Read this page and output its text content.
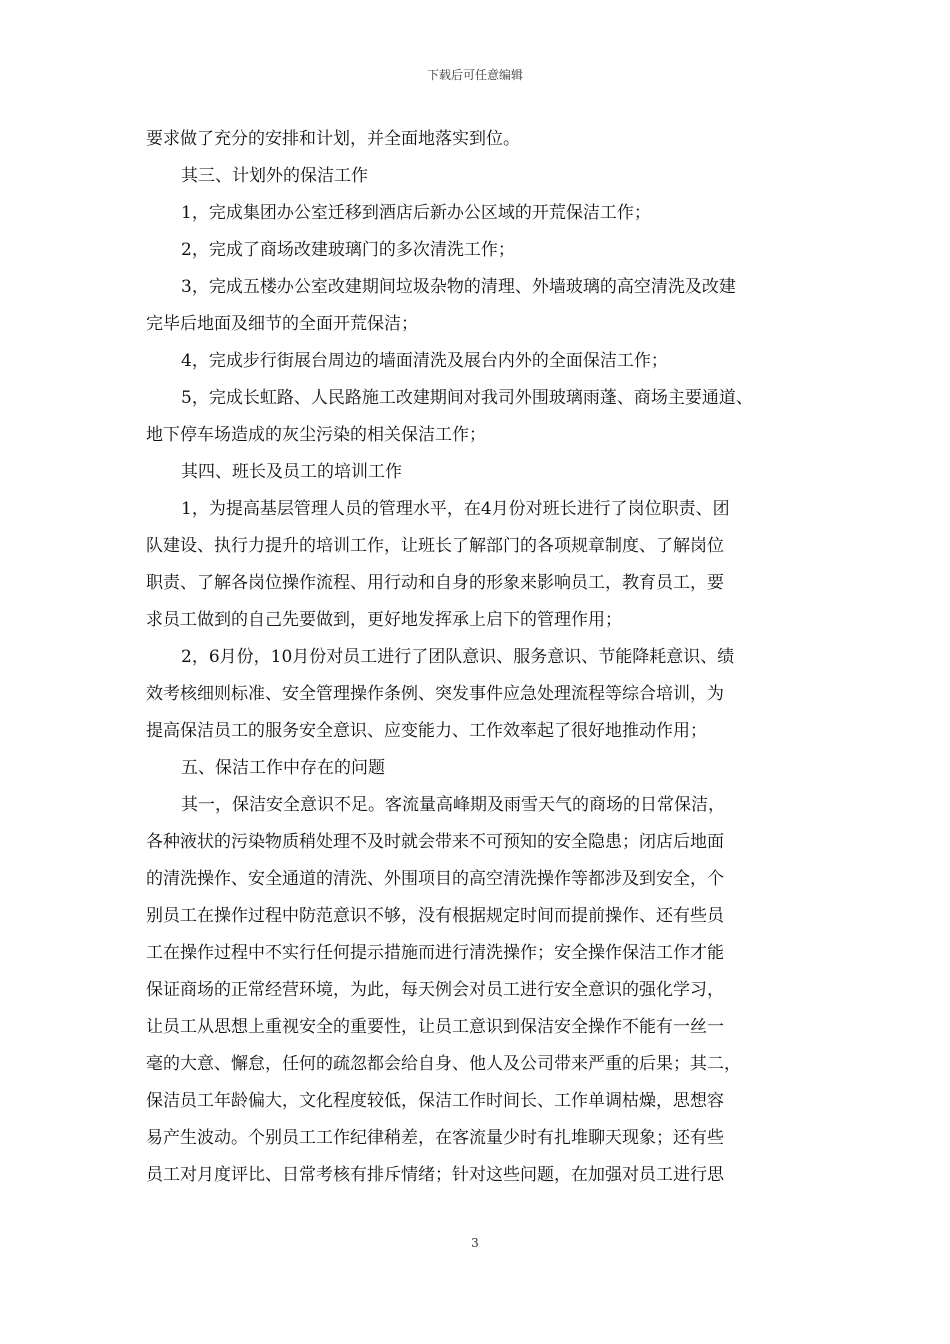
下载后可任意编辑
要求做了充分的安排和计划，并全面地落实到位。
其三、计划外的保洁工作
1，完成集团办公室迁移到酒店后新办公区域的开荒保洁工作；
2，完成了商场改建玻璃门的多次清洗工作；
3，完成五楼办公室改建期间垃圾杂物的清理、外墙玻璃的高空清洗及改建
完毕后地面及细节的全面开荒保洁；
4，完成步行街展台周边的墙面清洗及展台内外的全面保洁工作；
5，完成长虹路、人民路施工改建期间对我司外围玻璃雨蓬、商场主要通道、
地下停车场造成的灰尘污染的相关保洁工作；
其四、班长及员工的培训工作
1，为提高基层管理人员的管理水平，在4月份对班长进行了岗位职责、团
队建设、执行力提升的培训工作，让班长了解部门的各项规章制度、了解岗位
职责、了解各岗位操作流程、用行动和自身的形象来影响员工，教育员工，要
求员工做到的自己先要做到，更好地发挥承上启下的管理作用；
2，6月份，10月份对员工进行了团队意识、服务意识、节能降耗意识、绩
效考核细则标准、安全管理操作条例、突发事件应急处理流程等综合培训，为
提高保洁员工的服务安全意识、应变能力、工作效率起了很好地推动作用；
五、保洁工作中存在的问题
其一，保洁安全意识不足。客流量高峰期及雨雪天气的商场的日常保洁，
各种液状的污染物质稍处理不及时就会带来不可预知的安全隐患；闭店后地面
的清洗操作、安全通道的清洗、外围项目的高空清洗操作等都涉及到安全，个
别员工在操作过程中防范意识不够，没有根据规定时间而提前操作、还有些员
工在操作过程中不实行任何提示措施而进行清洗操作；安全操作保洁工作才能
保证商场的正常经营环境，为此，每天例会对员工进行安全意识的强化学习，
让员工从思想上重视安全的重要性，让员工意识到保洁安全操作不能有一丝一
毫的大意、懈怠，任何的疏忽都会给自身、他人及公司带来严重的后果；其二，
保洁员工年龄偏大，文化程度较低，保洁工作时间长、工作单调枯燥，思想容
易产生波动。个别员工工作纪律稍差，在客流量少时有扎堆聊天现象；还有些
员工对月度评比、日常考核有排斥情绪；针对这些问题，在加强对员工进行思
3
